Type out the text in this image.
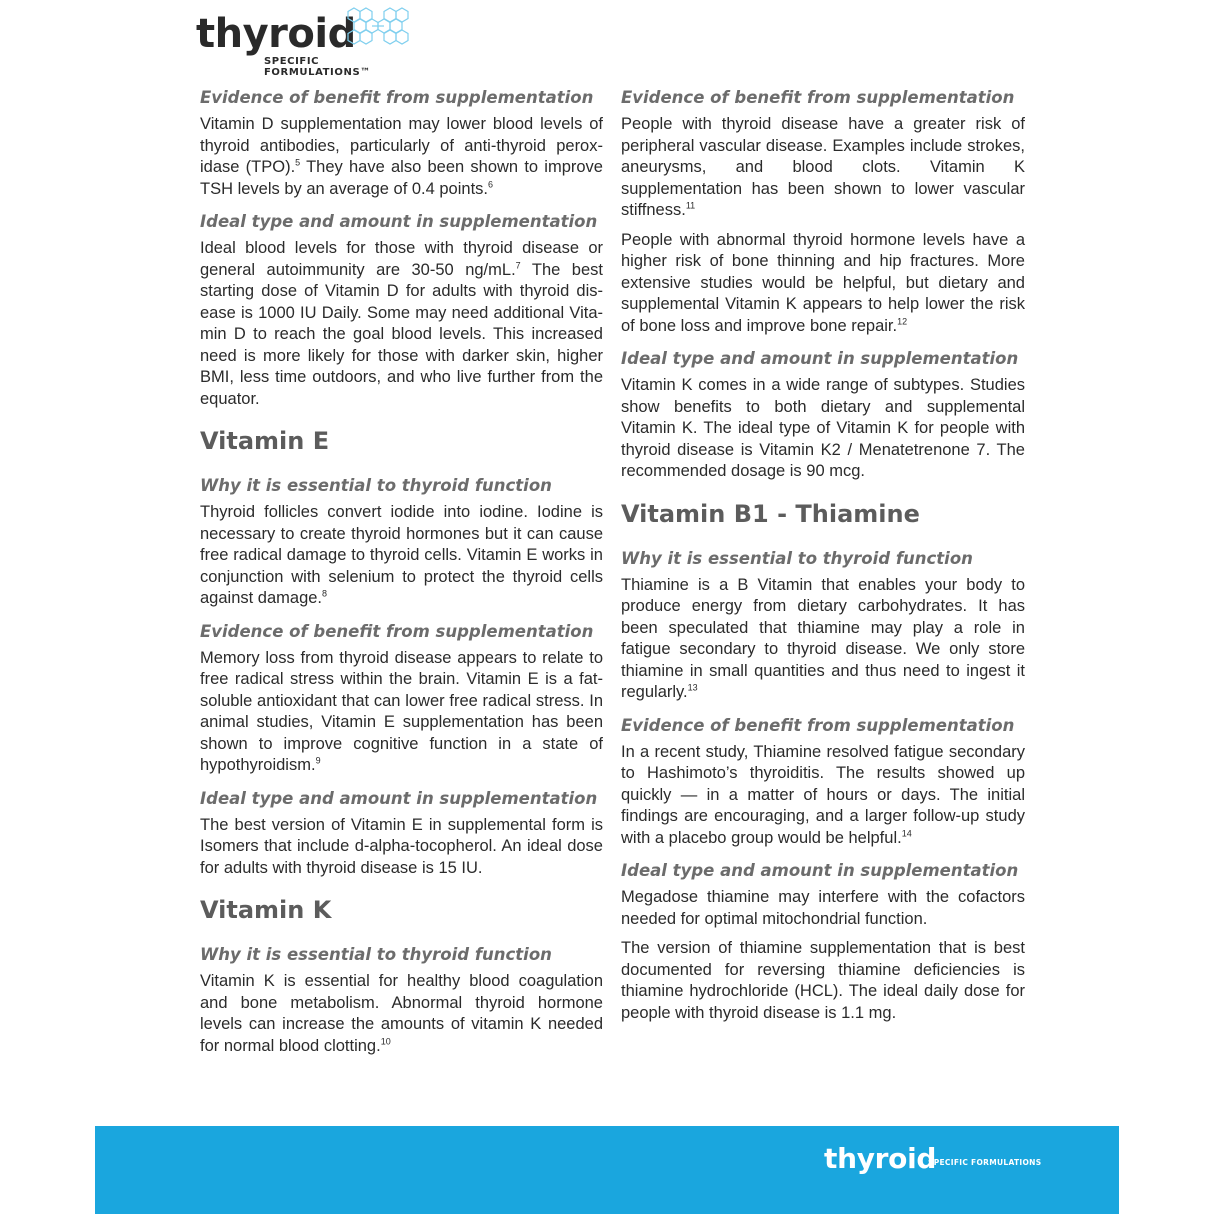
thyroid
SPECIFIC FORMULATIONS™
Evidence of benefit from supplementation

Vitamin D supplementation may lower blood levels of thyroid antibodies, particularly of anti-thyroid peroxidase (TPO).$^5$ They have also been shown to improve TSH levels by an average of 0.4 points.$^6$

Ideal type and amount in supplementation

Ideal blood levels for those with thyroid disease or general autoimmunity are 30-50 ng/mL.$^7$ The best starting dose of Vitamin D for adults with thyroid disease is 1000 IU Daily. Some may need additional Vitamin D to reach the goal blood levels. This increased need is more likely for those with darker skin, higher BMI, less time outdoors, and who live further from the equator.

Vitamin E
Why it is essential to thyroid function

Thyroid follicles convert iodide into iodine. Iodine is necessary to create thyroid hormones but it can cause free radical damage to thyroid cells. Vitamin E works in conjunction with selenium to protect the thyroid cells against damage.$^8$

Evidence of benefit from supplementation

Memory loss from thyroid disease appears to relate to free radical stress within the brain. Vitamin E is a fat-soluble antioxidant that can lower free radical stress. In animal studies, Vitamin E supplementation has been shown to improve cognitive function in a state of hypothyroidism.$^9$

Ideal type and amount in supplementation

The best version of Vitamin E in supplemental form is Isomers that include d-alpha-tocopherol. An ideal dose for adults with thyroid disease is 15 IU.

Vitamin K
Why it is essential to thyroid function

Vitamin K is essential for healthy blood coagulation and bone metabolism. Abnormal thyroid hormone levels can increase the amounts of vitamin K needed for normal blood clotting.$^{10}$

Evidence of benefit from supplementation

People with thyroid disease have a greater risk of peripheral vascular disease. Examples include strokes, aneurysms, and blood clots. Vitamin K supplementation has been shown to lower vascular stiffness.$^{11}$

People with abnormal thyroid hormone levels have a higher risk of bone thinning and hip fractures. More extensive studies would be helpful, but dietary and supplemental Vitamin K appears to help lower the risk of bone loss and improve bone repair.$^{12}$

Ideal type and amount in supplementation

Vitamin K comes in a wide range of subtypes. Studies show benefits to both dietary and supplemental Vitamin K. The ideal type of Vitamin K for people with thyroid disease is Vitamin K2 / Menatetrenone 7. The recommended dosage is 90 mcg.

Vitamin B1 - Thiamine
Why it is essential to thyroid function

Thiamine is a B Vitamin that enables your body to produce energy from dietary carbohydrates. It has been speculated that thiamine may play a role in fatigue secondary to thyroid disease. We only store thiamine in small quantities and thus need to ingest it regularly.$^{13}$

Evidence of benefit from supplementation

In a recent study, Thiamine resolved fatigue secondary to Hashimoto’s thyroiditis. The results showed up quickly — in a matter of hours or days. The initial findings are encouraging, and a larger follow-up study with a placebo group would be helpful.$^{14}$

Ideal type and amount in supplementation

Megadose thiamine may interfere with the cofactors needed for optimal mitochondrial function.

The version of thiamine supplementation that is best documented for reversing thiamine deficiencies is thiamine hydrochloride (HCL). The ideal daily dose for people with thyroid disease is 1.1 mg.

thyroid
SPECIFIC FORMULATIONS
